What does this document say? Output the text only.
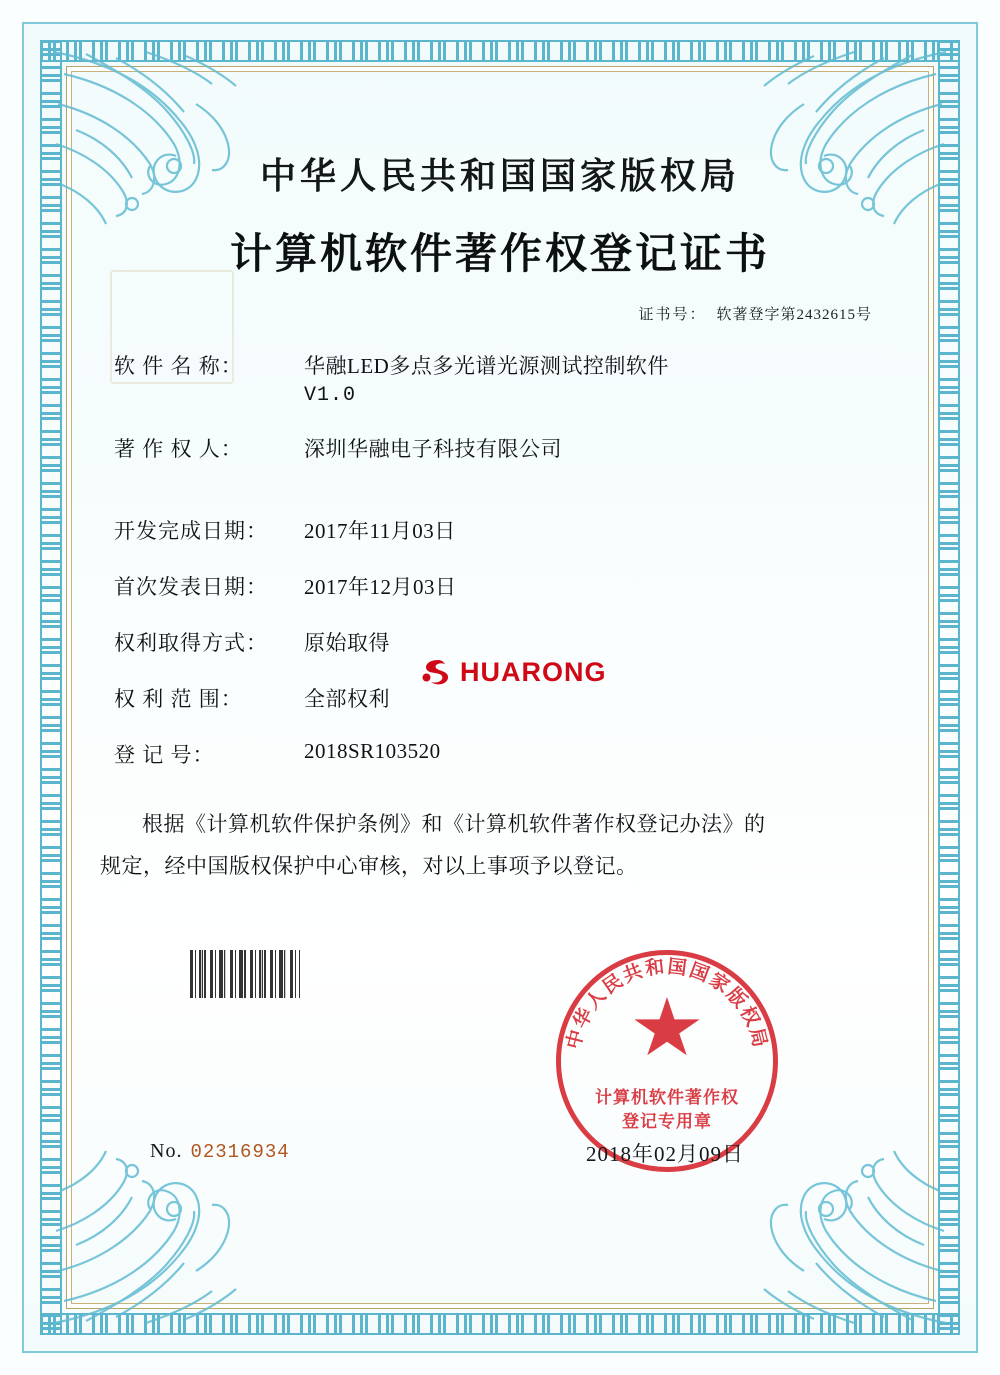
中华人民共和国国家版权局
计算机软件著作权登记证书
证书号： 软著登字第2432615号
软 件 名 称：	华融LED多点多光谱光源测试控制软件
V1.0
著 作 权 人：	深圳华融电子科技有限公司
开发完成日期：	2017年11月03日
首次发表日期：	2017年12月03日
权利取得方式：	原始取得
权 利 范 围：	全部权利
登 记 号：	2018SR103520
根据《计算机软件保护条例》和《计算机软件著作权登记办法》的
规定，经中国版权保护中心审核，对以上事项予以登记。
HUARONG
中华人民共和国国家版权局
计算机软件著作权
登记专用章
2018年02月09日
No. 02316934
